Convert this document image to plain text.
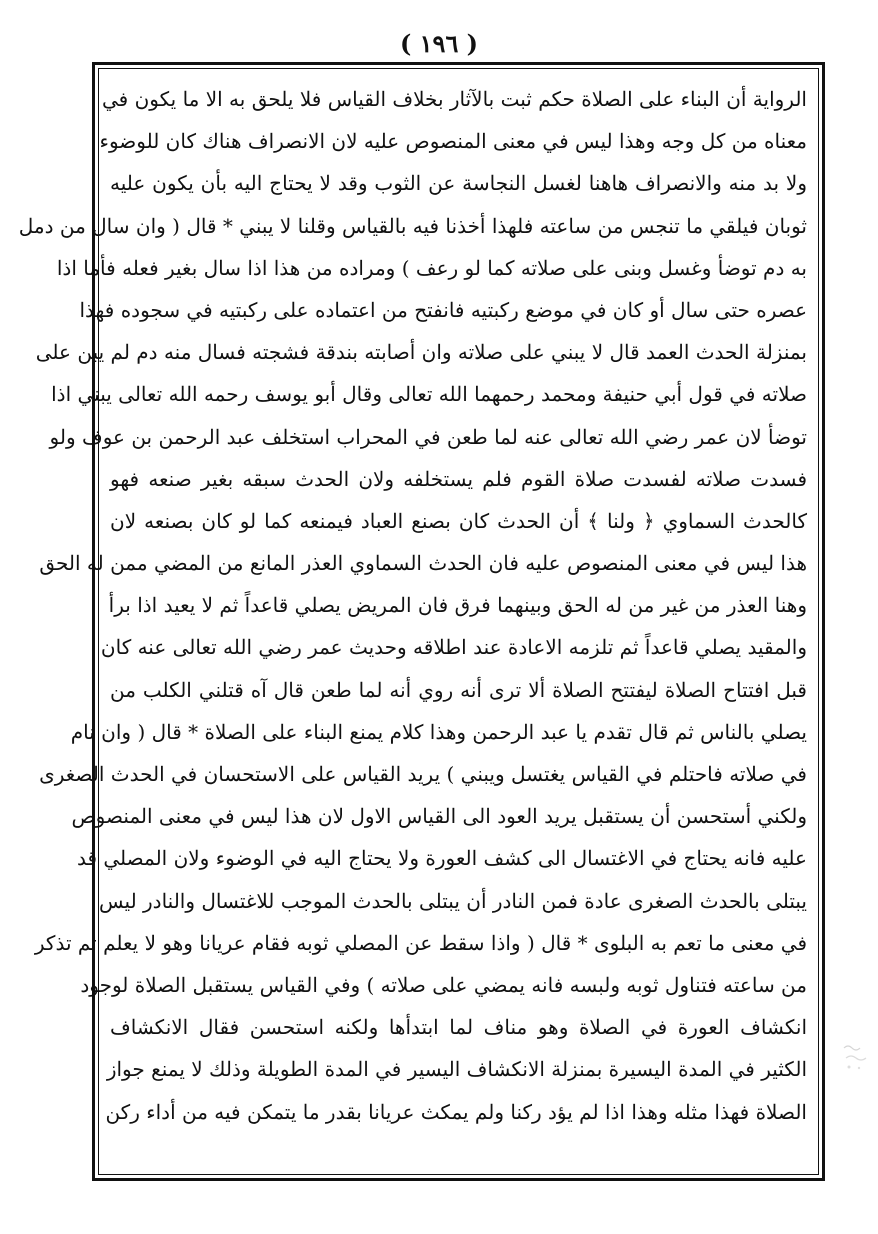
( ١٩٦ )
الرواية أن البناء على الصلاة حكم ثبت بالآثار بخلاف القياس فلا يلحق به الا ما يكون في
معناه من كل وجه وهذا ليس في معنى المنصوص عليه لان الانصراف هناك كان للوضوء
ولا بد منه والانصراف هاهنا لغسل النجاسة عن الثوب وقد لا يحتاج اليه بأن يكون عليه
ثوبان فيلقي ما تنجس من ساعته فلهذا أخذنا فيه بالقياس وقلنا لا يبني * قال ( وان سال من دمل
به دم توضأ وغسل وبنى على صلاته كما لو رعف ) ومراده من هذا اذا سال بغير فعله فأما اذا
عصره حتى سال أو كان في موضع ركبتيه فانفتح من اعتماده على ركبتيه في سجوده فهذا
بمنزلة الحدث العمد قال لا يبني على صلاته وان أصابته بندقة فشجته فسال منه دم لم يبن على
صلاته في قول أبي حنيفة ومحمد رحمهما الله تعالى وقال أبو يوسف رحمه الله تعالى يبني اذا
توضأ لان عمر رضي الله تعالى عنه لما طعن في المحراب استخلف عبد الرحمن بن عوف ولو
فسدت صلاته لفسدت صلاة القوم فلم يستخلفه ولان الحدث سبقه بغير صنعه فهو
كالحدث السماوي ﴿ ولنا ﴾ أن الحدث كان بصنع العباد فيمنعه كما لو كان بصنعه لان
هذا ليس في معنى المنصوص عليه فان الحدث السماوي العذر المانع من المضي ممن له الحق
وهنا العذر من غير من له الحق وبينهما فرق فان المريض يصلي قاعداً ثم لا يعيد اذا برأ
والمقيد يصلي قاعداً ثم تلزمه الاعادة عند اطلاقه وحديث عمر رضي الله تعالى عنه كان
قبل افتتاح الصلاة ليفتتح الصلاة ألا ترى أنه روي أنه لما طعن قال آه قتلني الكلب من
يصلي بالناس ثم قال تقدم يا عبد الرحمن وهذا كلام يمنع البناء على الصلاة * قال ( وان نام
في صلاته فاحتلم في القياس يغتسل ويبني ) يريد القياس على الاستحسان في الحدث الصغرى
ولكني أستحسن أن يستقبل يريد العود الى القياس الاول لان هذا ليس في معنى المنصوص
عليه فانه يحتاج في الاغتسال الى كشف العورة ولا يحتاج اليه في الوضوء ولان المصلي قد
يبتلى بالحدث الصغرى عادة فمن النادر أن يبتلى بالحدث الموجب للاغتسال والنادر ليس
في معنى ما تعم به البلوى * قال ( واذا سقط عن المصلي ثوبه فقام عريانا وهو لا يعلم ثم تذكر
من ساعته فتناول ثوبه ولبسه فانه يمضي على صلاته ) وفي القياس يستقبل الصلاة لوجود
انكشاف العورة في الصلاة وهو مناف لما ابتدأها ولكنه استحسن فقال الانكشاف
الكثير في المدة اليسيرة بمنزلة الانكشاف اليسير في المدة الطويلة وذلك لا يمنع جواز
الصلاة فهذا مثله وهذا اذا لم يؤد ركنا ولم يمكث عريانا بقدر ما يتمكن فيه من أداء ركن
